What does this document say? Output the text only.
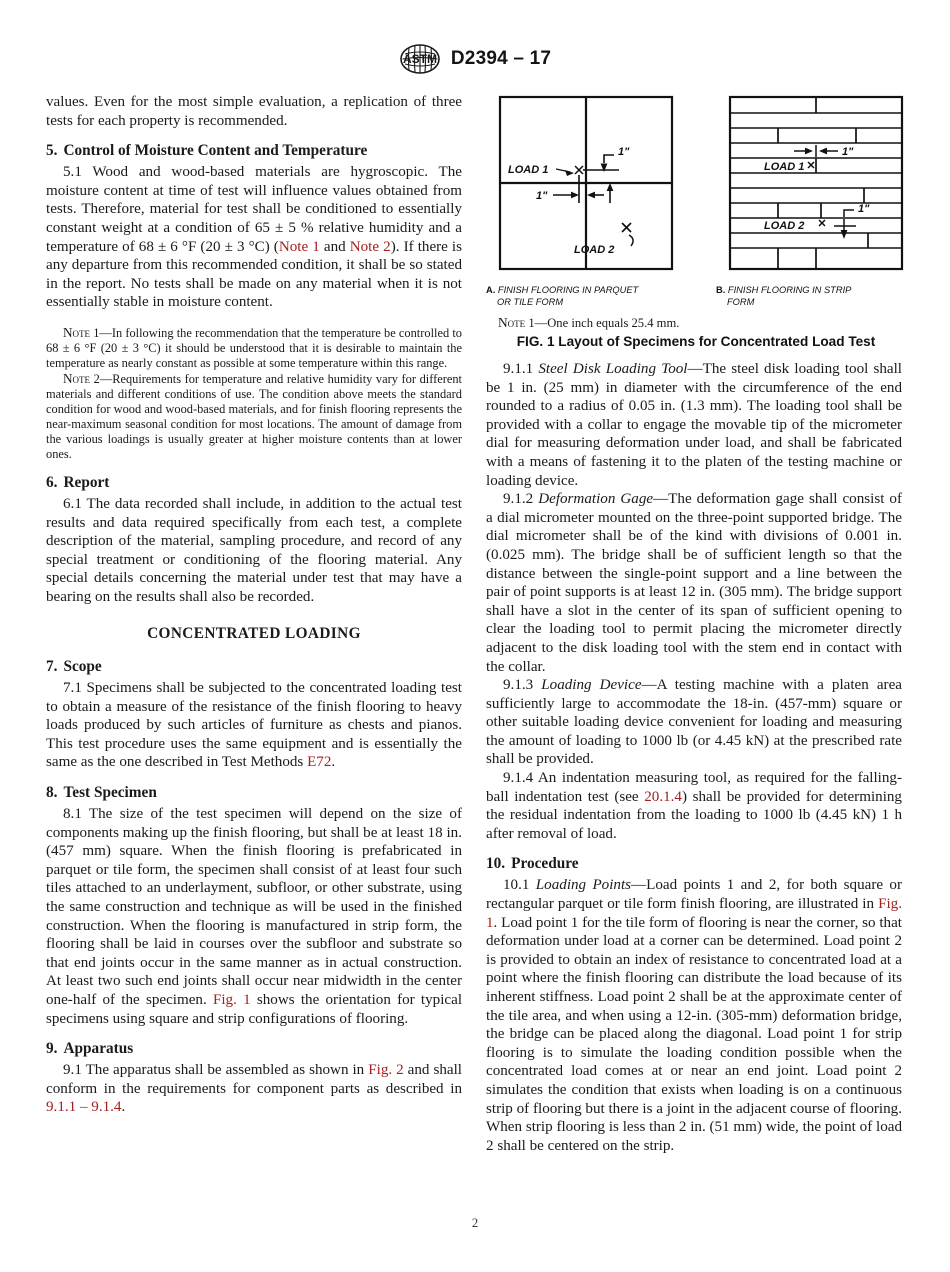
ASTM D2394 – 17

values. Even for the most simple evaluation, a replication of three tests for each property is recommended.

5. Control of Moisture Content and Temperature

5.1 Wood and wood-based materials are hygroscopic. The moisture content at time of test will influence values obtained from tests. Therefore, material for test shall be conditioned to essentially constant weight at a condition of 65 ± 5 % relative humidity and a temperature of 68 ± 6 °F (20 ± 3 °C) (Note 1 and Note 2). If there is any departure from this recommended condition, it shall be so stated in the report. No tests shall be made on any material when it is not essentially stable in moisture content.

Note 1—In following the recommendation that the temperature be controlled to 68 ± 6 °F (20 ± 3 °C) it should be understood that it is desirable to maintain the temperature as nearly constant as possible at some temperature within this range.

Note 2—Requirements for temperature and relative humidity vary for different materials and different conditions of use. The condition above meets the standard condition for wood and wood-based materials, and for finish flooring represents the near-maximum seasonal condition for most locations. The amount of damage from the various loadings is usually greater at higher moisture contents than at lower ones.

6. Report

6.1 The data recorded shall include, in addition to the actual test results and data required specifically from each test, a complete description of the material, sampling procedure, and record of any special treatment or conditioning of the flooring material. Any special details concerning the material under test that may have a bearing on the results shall also be recorded.

CONCENTRATED LOADING

7. Scope

7.1 Specimens shall be subjected to the concentrated loading test to obtain a measure of the resistance of the finish flooring to heavy loads produced by such articles of furniture as chests and pianos. This test procedure uses the same equipment and is essentially the same as the one described in Test Methods E72.

8. Test Specimen

8.1 The size of the test specimen will depend on the size of components making up the finish flooring, but shall be at least 18 in. (457 mm) square. When the finish flooring is prefabricated in parquet or tile form, the specimen shall consist of at least four such tiles attached to an underlayment, subfloor, or other substrate, using the same construction and technique as will be used in the finished construction. When the flooring is manufactured in strip form, the flooring shall be laid in courses over the subfloor and substrate so that end joints occur in the same manner as in actual construction. At least two such end joints shall occur near midwidth in the center one-half of the specimen. Fig. 1 shows the orientation for typical specimens using square and strip configurations of flooring.

9. Apparatus

9.1 The apparatus shall be assembled as shown in Fig. 2 and shall conform in the requirements for component parts as described in 9.1.1 – 9.1.4.

1"
1"
LOAD 1
LOAD 2
A. FINISH FLOORING IN PARQUET
OR TILE FORM
1"
LOAD 1
1"
LOAD 2
B. FINISH FLOORING IN STRIP
FORM

Note 1—One inch equals 25.4 mm.

FIG. 1 Layout of Specimens for Concentrated Load Test

9.1.1 Steel Disk Loading Tool—The steel disk loading tool shall be 1 in. (25 mm) in diameter with the circumference of the end rounded to a radius of 0.05 in. (1.3 mm). The loading tool shall be provided with a collar to engage the movable tip of the micrometer dial for measuring deformation under load, and shall be fabricated with a means of fastening it to the platen of the testing machine or loading device.

9.1.2 Deformation Gage—The deformation gage shall consist of a dial micrometer mounted on the three-point supported bridge. The dial micrometer shall be of the kind with divisions of 0.001 in. (0.025 mm). The bridge shall be of sufficient length so that the distance between the single-point support and a line between the pair of point supports is at least 12 in. (305 mm). The bridge support shall have a slot in the center of its span of sufficient opening to clear the loading tool to permit placing the micrometer directly adjacent to the disk loading tool with the stem end in contact with the collar.

9.1.3 Loading Device—A testing machine with a platen area sufficiently large to accommodate the 18-in. (457-mm) square or other suitable loading device convenient for loading and measuring the amount of loading to 1000 lb (or 4.45 kN) at the prescribed rate shall be provided.

9.1.4 An indentation measuring tool, as required for the falling-ball indentation test (see 20.1.4) shall be provided for determining the residual indentation from the loading to 1000 lb (4.45 kN) 1 h after removal of load.

10. Procedure

10.1 Loading Points—Load points 1 and 2, for both square or rectangular parquet or tile form finish flooring, are illustrated in Fig. 1. Load point 1 for the tile form of flooring is near the corner, so that deformation under load at a corner can be determined. Load point 2 is provided to obtain an index of resistance to concentrated load at a point where the finish flooring can distribute the load because of its inherent stiffness. Load point 2 shall be at the approximate center of the tile area, and when using a 12-in. (305-mm) deformation bridge, the bridge can be placed along the diagonal. Load point 1 for strip flooring is to simulate the loading condition possible when the concentrated load comes at or near an end joint. Load point 2 simulates the condition that exists when loading is on a continuous strip of flooring but there is a joint in the adjacent course of flooring. When strip flooring is less than 2 in. (51 mm) wide, the point of load 2 shall be centered on the strip.

2
